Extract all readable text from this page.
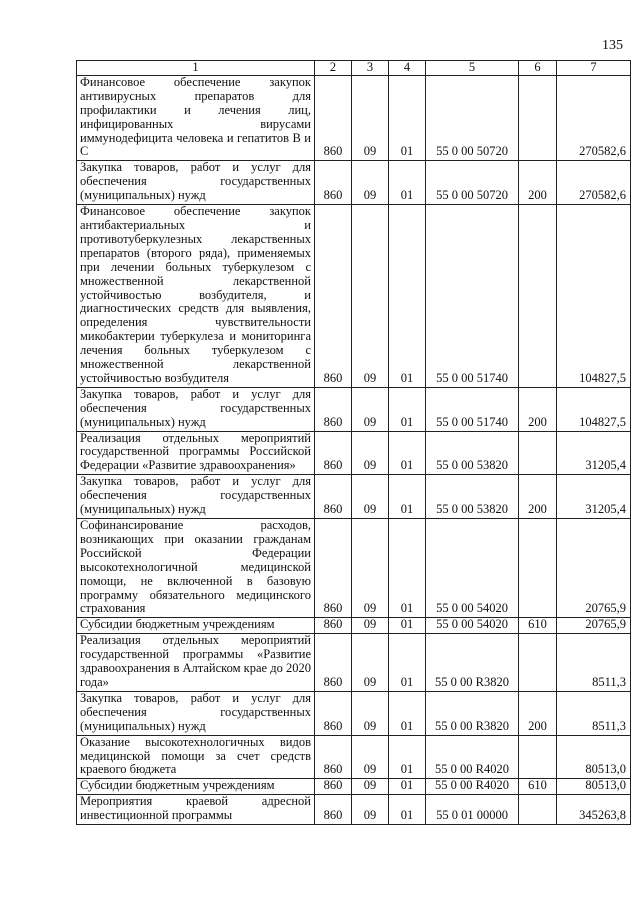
135
1	2	3	4	5	6	7
Финансовое обеспечение закупок антивирусных препаратов для профилактики и лечения лиц, инфицированных вирусами иммунодефицита человека и гепатитов В и С	860	09	01	55 0 00 50720		270582,6
Закупка товаров, работ и услуг для обеспечения государственных (муниципальных) нужд	860	09	01	55 0 00 50720	200	270582,6
Финансовое обеспечение закупок антибактериальных и противотуберкулезных лекарственных препаратов (второго ряда), применяемых при лечении больных туберкулезом с множественной лекарственной устойчивостью возбудителя, и диагностических средств для выявления, определения чувствительности микобактерии туберкулеза и мониторинга лечения больных туберкулезом с множественной лекарственной устойчивостью возбудителя	860	09	01	55 0 00 51740		104827,5
Закупка товаров, работ и услуг для обеспечения государственных (муниципальных) нужд	860	09	01	55 0 00 51740	200	104827,5
Реализация отдельных мероприятий государственной программы Российской Федерации «Развитие здравоохранения»	860	09	01	55 0 00 53820		31205,4
Закупка товаров, работ и услуг для обеспечения государственных (муниципальных) нужд	860	09	01	55 0 00 53820	200	31205,4
Софинансирование расходов, возникающих при оказании гражданам Российской Федерации высокотехнологичной медицинской помощи, не включенной в базовую программу обязательного медицинского страхования	860	09	01	55 0 00 54020		20765,9
Субсидии бюджетным учреждениям	860	09	01	55 0 00 54020	610	20765,9
Реализация отдельных мероприятий государственной программы «Развитие здравоохранения в Алтайском крае до 2020 года»	860	09	01	55 0 00 R3820		8511,3
Закупка товаров, работ и услуг для обеспечения государственных (муниципальных) нужд	860	09	01	55 0 00 R3820	200	8511,3
Оказание высокотехнологичных видов медицинской помощи за счет средств краевого бюджета	860	09	01	55 0 00 R4020		80513,0
Субсидии бюджетным учреждениям	860	09	01	55 0 00 R4020	610	80513,0
Мероприятия краевой адресной инвестиционной программы	860	09	01	55 0 01 00000		345263,8
